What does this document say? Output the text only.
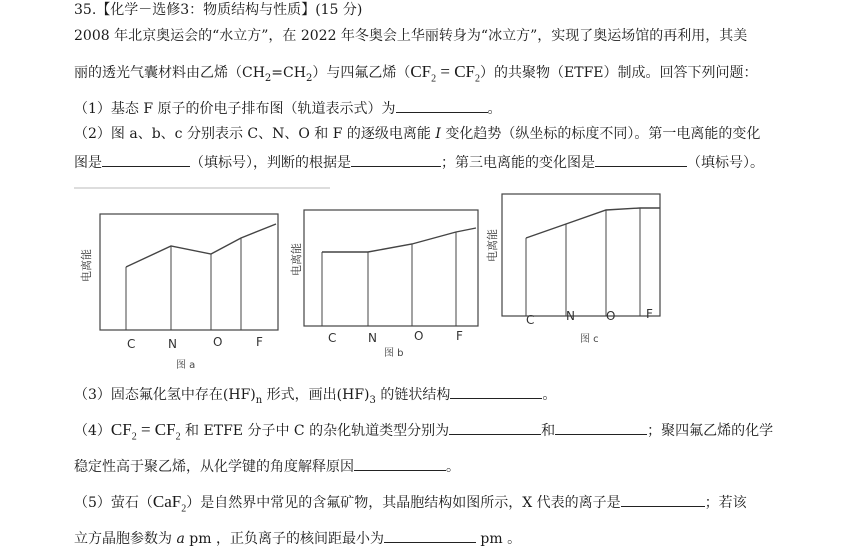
35.【化学－选修3：物质结构与性质】(15 分)
2008 年北京奥运会的“水立方”，在 2022 年冬奥会上华丽转身为“冰立方”，实现了奥运场馆的再利用，其美
丽的透光气囊材料由乙烯$(CH_2=CH_2)$与四氟乙烯$(CF_2 = CF_2)$的共聚物（ETFE）制成。回答下列问题：
（1）基态 F 原子的价电子排布图（轨道表示式）为	。
（2）图 a、b、c 分别表示 C、N、O 和 F 的逐级电离能 I 变化趋势（纵坐标的标度不同）。第一电离能的变化
图是	（填标号），判断的根据是	；第三电离能的变化图是	（填标号）。
电离能
C	N	O	F
图 a
电离能
C	N	O	F
图 b
电离能
C	N	O	F
图 c
（3）固态氟化氢中存在$(HF)_n$ 形式，画出$(HF)_3$ 的链状结构	。
$(4)CF_2 = CF_2$ 和 ETFE 分子中 C 的杂化轨道类型分别为	和	；聚四氟乙烯的化学
稳定性高于聚乙烯，从化学键的角度解释原因	。
（5）萤石（CaF$_2$）是自然界中常见的含氟矿物，其晶胞结构如图所示，X 代表的离子是	；若该
立方晶胞参数为 a pm ，正负离子的核间距最小为	pm 。
